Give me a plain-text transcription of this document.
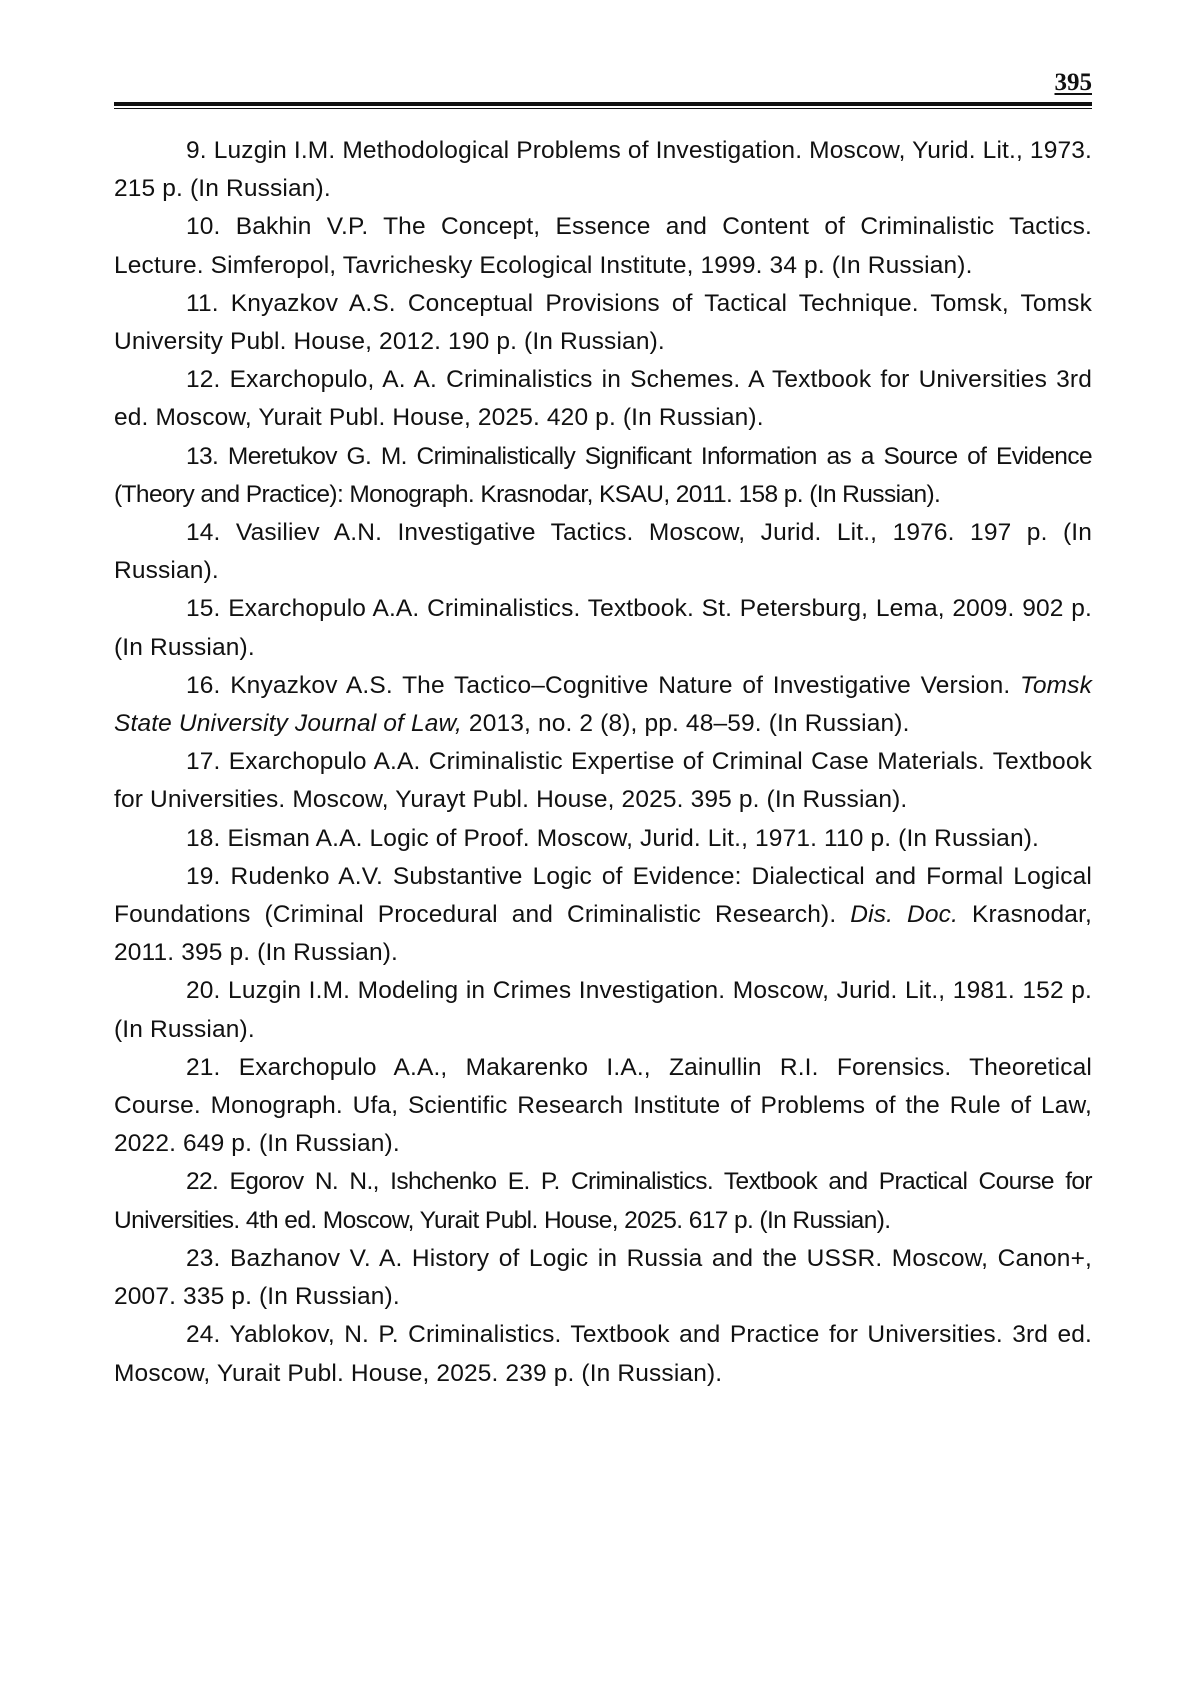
395
9. Luzgin I.M. Methodological Problems of Investigation. Moscow, Yurid. Lit., 1973. 215 p. (In Russian).
10. Bakhin V.P. The Concept, Essence and Content of Criminalistic Tactics. Lecture. Simferopol, Tavrichesky Ecological Institute, 1999. 34 p. (In Russian).
11. Knyazkov A.S. Conceptual Provisions of Tactical Technique. Tomsk, Tomsk University Publ. House, 2012. 190 p. (In Russian).
12. Exarchopulo, A. A. Criminalistics in Schemes. A Textbook for Universities 3rd ed. Moscow, Yurait Publ. House, 2025. 420 p. (In Russian).
13. Meretukov G. M. Criminalistically Significant Information as a Source of Evidence (Theory and Practice): Monograph. Krasnodar, KSAU, 2011. 158 p. (In Russian).
14. Vasiliev A.N. Investigative Tactics. Moscow, Jurid. Lit., 1976. 197 p. (In Russian).
15. Exarchopulo A.A. Criminalistics. Textbook. St. Petersburg, Lema, 2009. 902 p. (In Russian).
16. Knyazkov A.S. The Tactico–Cognitive Nature of Investigative Version. Tomsk State University Journal of Law, 2013, no. 2 (8), pp. 48–59. (In Russian).
17. Exarchopulo A.A. Criminalistic Expertise of Criminal Case Materials. Textbook for Universities. Moscow, Yurayt Publ. House, 2025. 395 p. (In Russian).
18. Eisman A.A. Logic of Proof. Moscow, Jurid. Lit., 1971. 110 p. (In Russian).
19. Rudenko A.V. Substantive Logic of Evidence: Dialectical and Formal Logical Foundations (Criminal Procedural and Criminalistic Research). Dis. Doc. Krasnodar, 2011. 395 p. (In Russian).
20. Luzgin I.M. Modeling in Crimes Investigation. Moscow, Jurid. Lit., 1981. 152 p. (In Russian).
21. Exarchopulo A.A., Makarenko I.A., Zainullin R.I. Forensics. Theoretical Course. Monograph. Ufa, Scientific Research Institute of Problems of the Rule of Law, 2022. 649 p. (In Russian).
22. Egorov N. N., Ishchenko E. P. Criminalistics. Textbook and Practical Course for Universities. 4th ed. Moscow, Yurait Publ. House, 2025. 617 p. (In Russian).
23. Bazhanov V. A. History of Logic in Russia and the USSR. Moscow, Canon+, 2007. 335 p. (In Russian).
24. Yablokov, N. P. Criminalistics. Textbook and Practice for Universities. 3rd ed. Moscow, Yurait Publ. House, 2025. 239 p. (In Russian).
